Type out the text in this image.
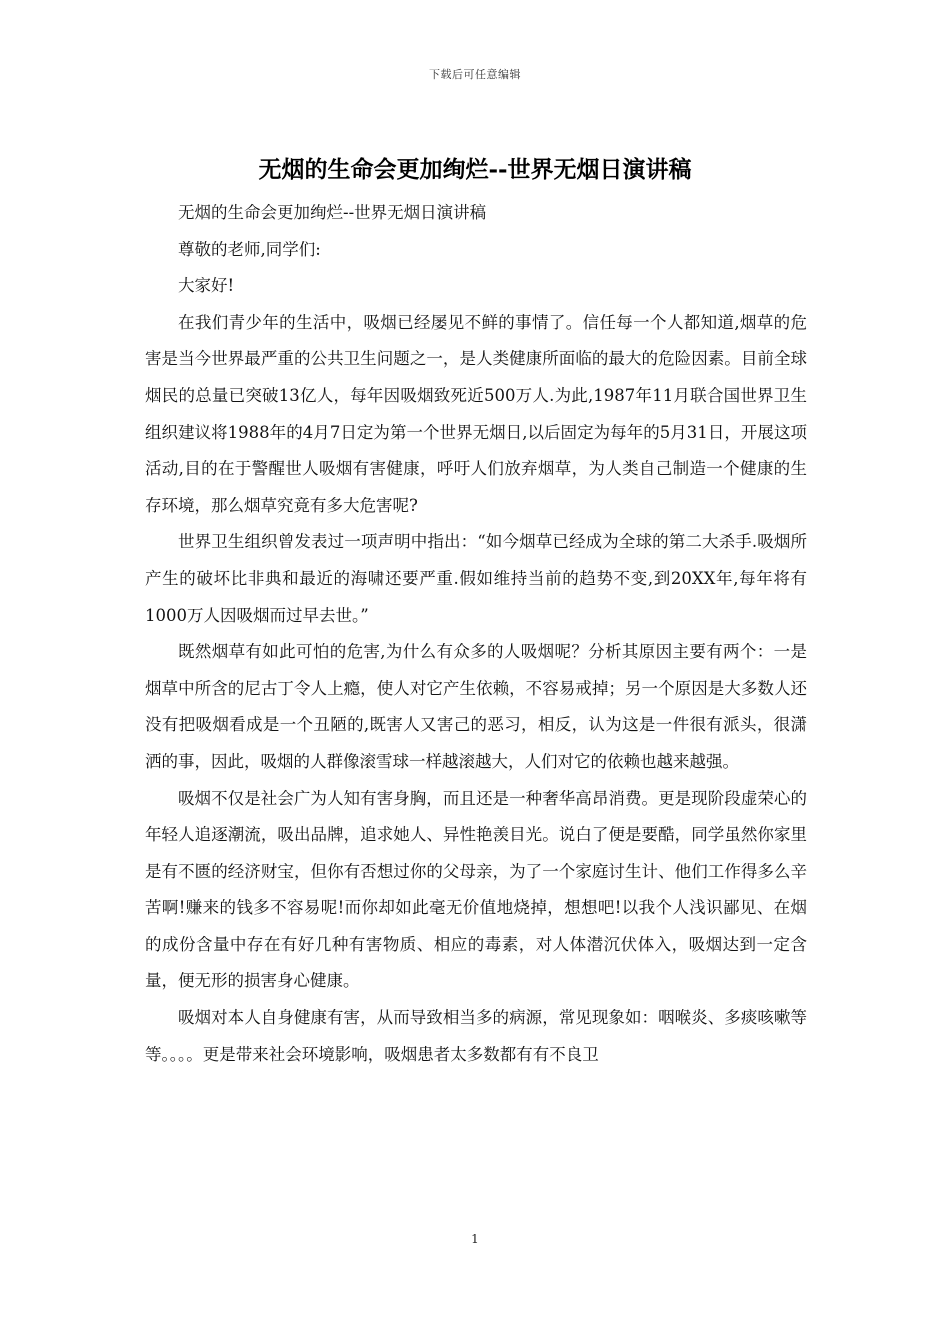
下载后可任意编辑
无烟的生命会更加绚烂--世界无烟日演讲稿

无烟的生命会更加绚烂--世界无烟日演讲稿

尊敬的老师,同学们:

大家好!

在我们青少年的生活中，吸烟已经屡见不鲜的事情了。信任每一个人都知道,烟草的危害是当今世界最严重的公共卫生问题之一，是人类健康所面临的最大的危险因素。目前全球烟民的总量已突破13亿人，每年因吸烟致死近500万人.为此,1987年11月联合国世界卫生组织建议将1988年的4月7日定为第一个世界无烟日,以后固定为每年的5月31日，开展这项活动,目的在于警醒世人吸烟有害健康，呼吁人们放弃烟草，为人类自己制造一个健康的生存环境，那么烟草究竟有多大危害呢?

世界卫生组织曾发表过一项声明中指出：“如今烟草已经成为全球的第二大杀手.吸烟所产生的破坏比非典和最近的海啸还要严重.假如维持当前的趋势不变,到20XX年,每年将有1000万人因吸烟而过早去世。”

既然烟草有如此可怕的危害,为什么有众多的人吸烟呢？分析其原因主要有两个：一是烟草中所含的尼古丁令人上瘾，使人对它产生依赖，不容易戒掉；另一个原因是大多数人还没有把吸烟看成是一个丑陋的,既害人又害己的恶习，相反，认为这是一件很有派头，很潇洒的事，因此，吸烟的人群像滚雪球一样越滚越大，人们对它的依赖也越来越强。

吸烟不仅是社会广为人知有害身胸，而且还是一种奢华高昂消费。更是现阶段虚荣心的年轻人追逐潮流，吸出品牌，追求她人、异性艳羡目光。说白了便是要酷，同学虽然你家里是有不匮的经济财宝，但你有否想过你的父母亲，为了一个家庭讨生计、他们工作得多么辛苦啊!赚来的钱多不容易呢!而你却如此毫无价值地烧掉，想想吧!以我个人浅识鄙见、在烟的成份含量中存在有好几种有害物质、相应的毒素，对人体潜沉伏体入，吸烟达到一定含量，便无形的损害身心健康。

吸烟对本人自身健康有害，从而导致相当多的病源，常见现象如：咽喉炎、多痰咳嗽等等。。。。更是带来社会环境影响，吸烟患者太多数都有有不良卫

1
